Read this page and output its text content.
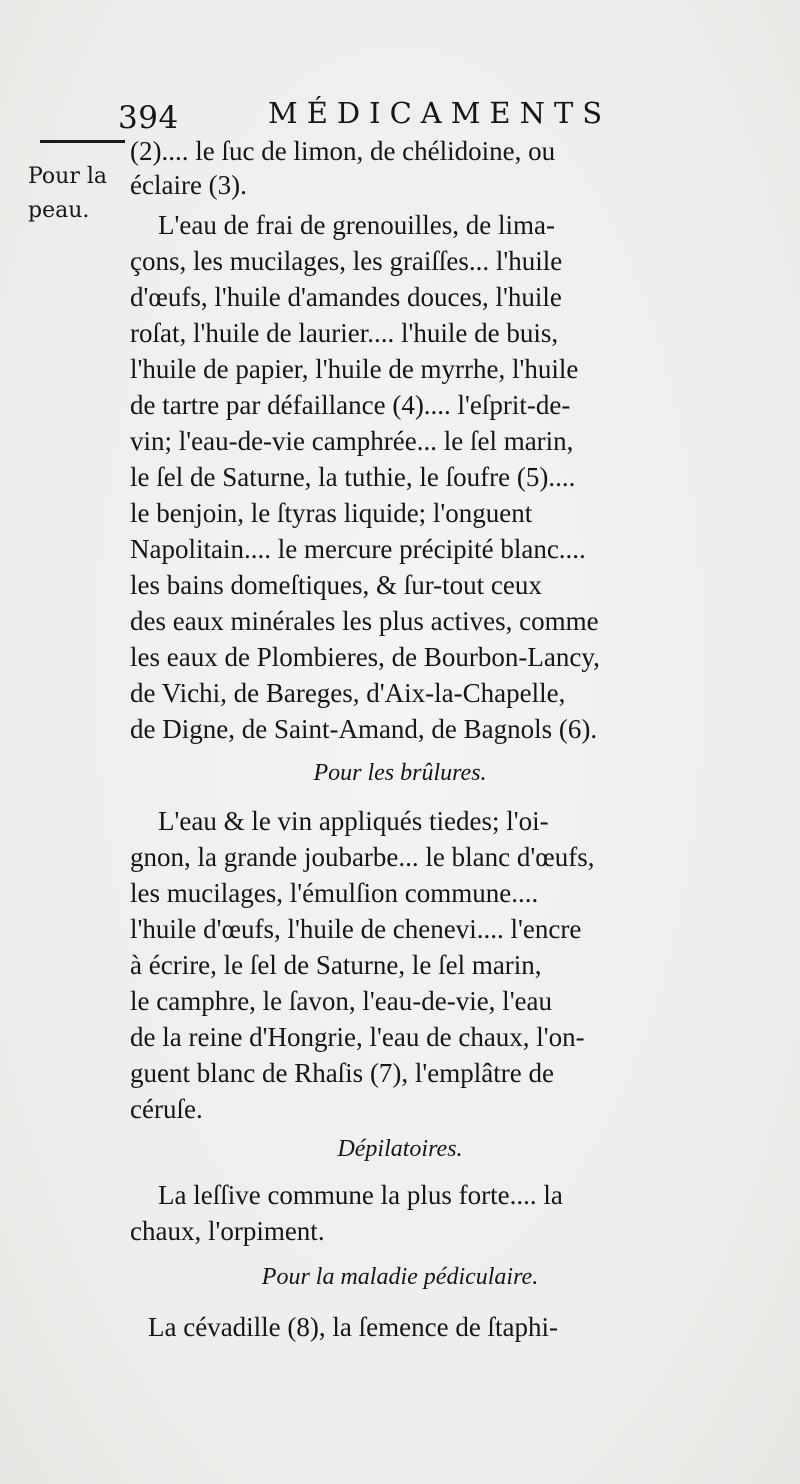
394	MÉDICAMENTS
Pour la
peau.
(2).... le ſuc de limon, de chélidoine, ou
éclaire (3).
L'eau de frai de grenouilles, de lima-
çons, les mucilages, les graiſſes... l'huile
d'œufs, l'huile d'amandes douces, l'huile
roſat, l'huile de laurier.... l'huile de buis,
l'huile de papier, l'huile de myrrhe, l'huile
de tartre par défaillance (4).... l'eſprit-de-
vin; l'eau-de-vie camphrée... le ſel marin,
le ſel de Saturne, la tuthie, le ſoufre (5)....
le benjoin, le ſtyras liquide; l'onguent
Napolitain.... le mercure précipité blanc....
les bains domeſtiques, & ſur-tout ceux
des eaux minérales les plus actives, comme
les eaux de Plombieres, de Bourbon-Lancy,
de Vichi, de Bareges, d'Aix-la-Chapelle,
de Digne, de Saint-Amand, de Bagnols (6).
Pour les brûlures.
L'eau & le vin appliqués tiedes; l'oi-
gnon, la grande joubarbe... le blanc d'œufs,
les mucilages, l'émulſion commune....
l'huile d'œufs, l'huile de chenevi.... l'encre
à écrire, le ſel de Saturne, le ſel marin,
le camphre, le ſavon, l'eau-de-vie, l'eau
de la reine d'Hongrie, l'eau de chaux, l'on-
guent blanc de Rhaſis (7), l'emplâtre de
céruſe.
Dépilatoires.
La leſſive commune la plus forte.... la
chaux, l'orpiment.
Pour la maladie pédiculaire.
La cévadille (8), la ſemence de ſtaphi-
